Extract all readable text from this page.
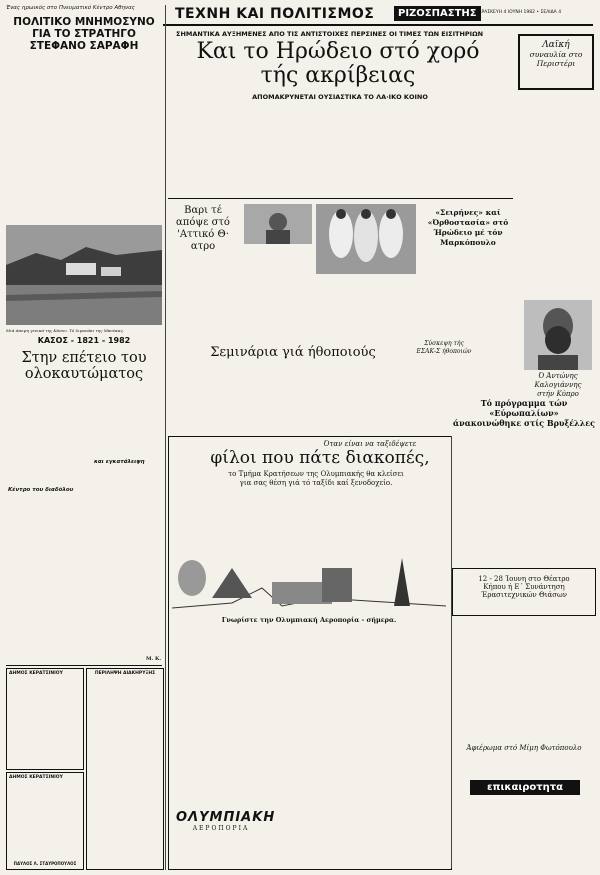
ΤΕΧΝΗ ΚΑΙ ΠΟΛΙΤΙΣΜΟΣ	ΡΙΖΟΣΠΑΣΤΗΣ
ΠΑΡΑΣΚΕΥΗ 4 ΙΟΥΝΗ 1982 • ΣΕΛΙΔΑ 4
ΣΗΜΑΝΤΙΚΑ ΑΥΞΗΜΕΝΕΣ ΑΠΟ ΤΙΣ ΑΝΤΙΣΤΟΙΧΕΣ ΠΕΡΣΙΝΕΣ ΟΙ ΤΙΜΕΣ ΤΩΝ ΕΙΣΙΤΗΡΙΩΝ
Ένας ηρωικός στο Πνευματικό Κέντρο Αθηνας
ΠΟΛΙΤΙΚΟ ΜΝΗΜΟΣΥΝΟ
ΓΙΑ ΤΟ ΣΤΡΑΤΗΓΟ
ΣΤΕΦΑΝΟ ΣΑΡΑΦΗ
Μιά άποψη γενικά της Κάσου. Τό λιμανάκι της Μπούκας.
ΚΑΣΟΣ - 1821 - 1982
Στην επέτειο του
ολοκαυτώματος
Κέντρο του διαδόλου
και εγκατάλειψη
Μ. Κ.
ΔΗΜΟΣ ΚΕΡΑΤΣΙΝΙΟΥ	ΠΕΡΙΛΗΨΗ ΔΙΑΚΗΡΥΞΗΣ
ΔΗΜΟΣ ΚΕΡΑΤΣΙΝΙΟΥ
ΠΑΥΛΟΣ Λ. ΣΤΑΥΡΟΠΟΥΛΟΣ
Και το Ηρώδειο στό χορό
τής ακρίβειας
ΑΠΟΜΑΚΡΥΝΕΤΑΙ ΟΥΣΙΑΣΤΙΚΑ ΤΟ ΛΑ·ΙΚΟ ΚΟΙΝΟ
Λαϊκή
συναυλία στο
Περιστέρι
Βαρι τέ
απόψε στό
'Αττικό Θ· ατρο
«Σειρήνες» καί «Όρθοστασία» στό
Ήρώδειο μέ τόν Μαρκόπουλο
Ό Άντώνης
Καλογιάννης
στήν Κύπρο
Σύσκεψη τής
ΕΣΑΚ-Σ ήθοποιών
Σεμινάρια γιά ήθοποιούς
Όταν είναι να ταξιδέψετε
φίλοι που πάτε διακοπές,
το Τμήμα Κρατήσεων της Ολυμπιακής θα κλείσει
για σας θέση γιά τό ταξίδι καί ξενοδοχείο.
Γνωρίστε την Ολυμπιακή Αεροπορία - σήμερα.
ΟΛΥΜΠΙΑΚΗ
ΑΕΡΟΠΟΡΙΑ
Τό πρόγραμμα τών «Εύρωπαλίων»
άνακοινώθηκε στίς Βρυξέλλες
12 - 28 Ίουνη στο Θέατρο
Κήπου ή Ε΄ Συνάντηση
Έρασιτεχνικών Θιάσων
Άφιέρωμα στό Μίμη Φωτόπουλο
επικαιροτητα
